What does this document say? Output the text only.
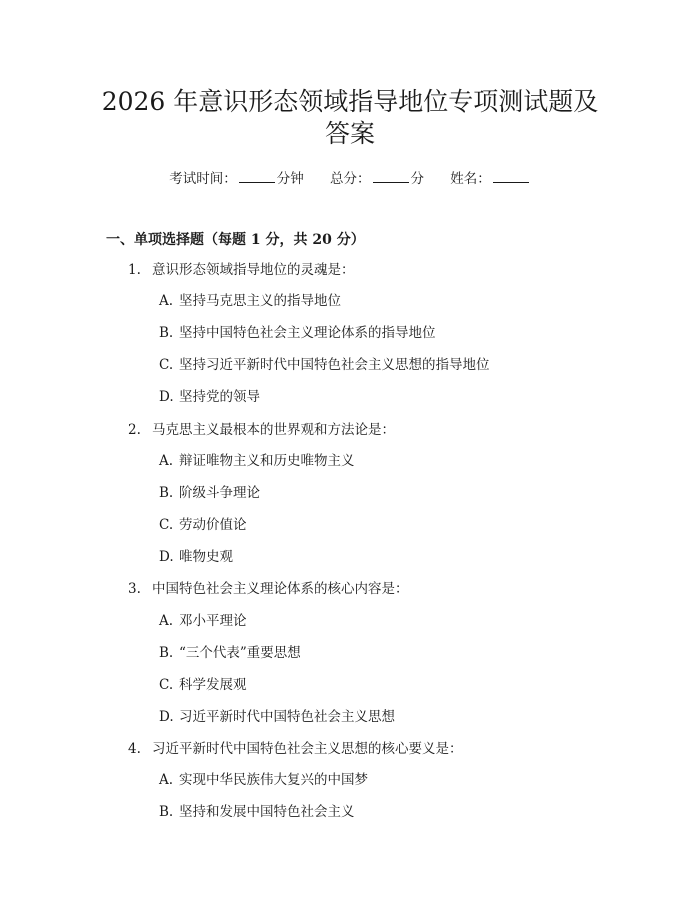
2026 年意识形态领域指导地位专项测试题及
答案
考试时间：	分钟 总分：	分 姓名：
一、单项选择题（每题 1 分，共 20 分）
1. 意识形态领域指导地位的灵魂是：
A. 坚持马克思主义的指导地位
B. 坚持中国特色社会主义理论体系的指导地位
C. 坚持习近平新时代中国特色社会主义思想的指导地位
D. 坚持党的领导
2. 马克思主义最根本的世界观和方法论是：
A. 辩证唯物主义和历史唯物主义
B. 阶级斗争理论
C. 劳动价值论
D. 唯物史观
3. 中国特色社会主义理论体系的核心内容是：
A. 邓小平理论
B. “三个代表”重要思想
C. 科学发展观
D. 习近平新时代中国特色社会主义思想
4. 习近平新时代中国特色社会主义思想的核心要义是：
A. 实现中华民族伟大复兴的中国梦
B. 坚持和发展中国特色社会主义
